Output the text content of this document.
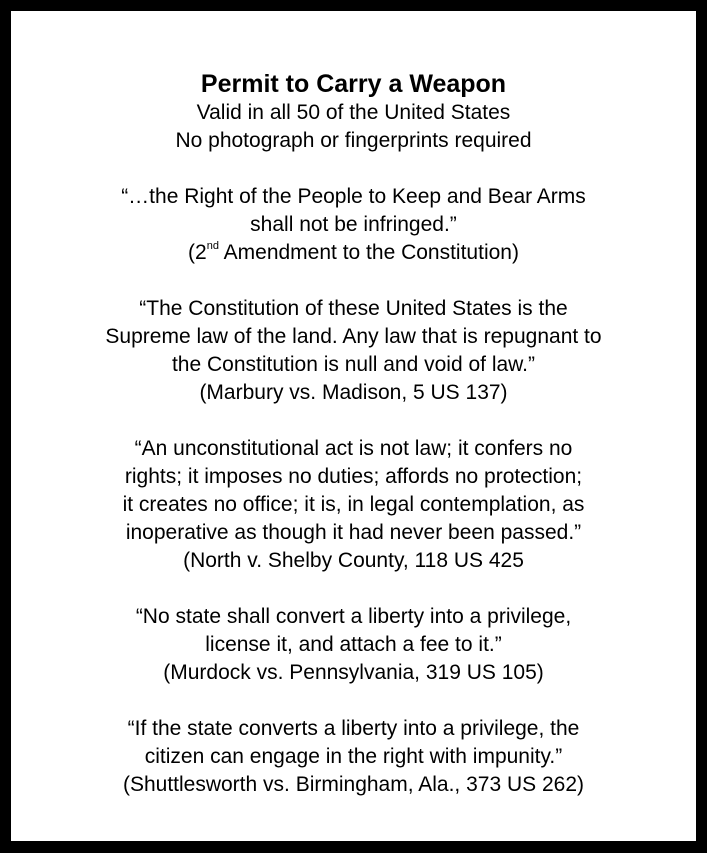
Permit to Carry a Weapon

Valid in all 50 of the United States

No photograph or fingerprints required

“…the Right of the People to Keep and Bear Arms

shall not be infringed.”

(2nd Amendment to the Constitution)

“The Constitution of these United States is the

Supreme law of the land. Any law that is repugnant to

the Constitution is null and void of law.”

(Marbury vs. Madison, 5 US 137)

“An unconstitutional act is not law; it confers no

rights; it imposes no duties; affords no protection;

it creates no office; it is, in legal contemplation, as

inoperative as though it had never been passed.”

(North v. Shelby County, 118 US 425

“No state shall convert a liberty into a privilege,

license it, and attach a fee to it.”

(Murdock vs. Pennsylvania, 319 US 105)

“If the state converts a liberty into a privilege, the

citizen can engage in the right with impunity.”

(Shuttlesworth vs. Birmingham, Ala., 373 US 262)
